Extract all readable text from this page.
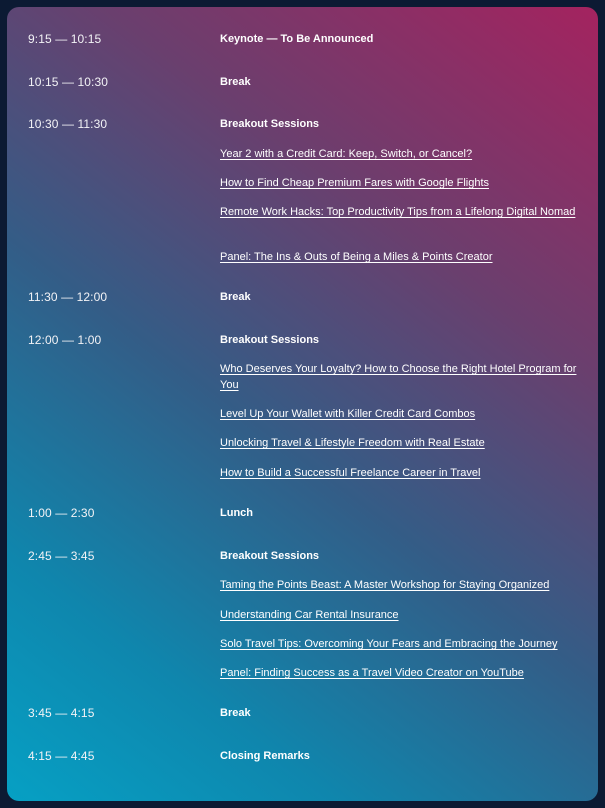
9:15 — 10:15	Keynote — To Be Announced
10:15 — 10:30	Break
10:30 — 11:30	Breakout Sessions
Year 2 with a Credit Card: Keep, Switch, or Cancel?
How to Find Cheap Premium Fares with Google Flights
Remote Work Hacks: Top Productivity Tips from a Lifelong Digital Nomad
Panel: The Ins & Outs of Being a Miles & Points Creator
11:30 — 12:00	Break
12:00 — 1:00	Breakout Sessions
Who Deserves Your Loyalty? How to Choose the Right Hotel Program for You
Level Up Your Wallet with Killer Credit Card Combos
Unlocking Travel & Lifestyle Freedom with Real Estate
How to Build a Successful Freelance Career in Travel
1:00 — 2:30	Lunch
2:45 — 3:45	Breakout Sessions
Taming the Points Beast: A Master Workshop for Staying Organized
Understanding Car Rental Insurance
Solo Travel Tips: Overcoming Your Fears and Embracing the Journey
Panel: Finding Success as a Travel Video Creator on YouTube
3:45 — 4:15	Break
4:15 — 4:45	Closing Remarks
